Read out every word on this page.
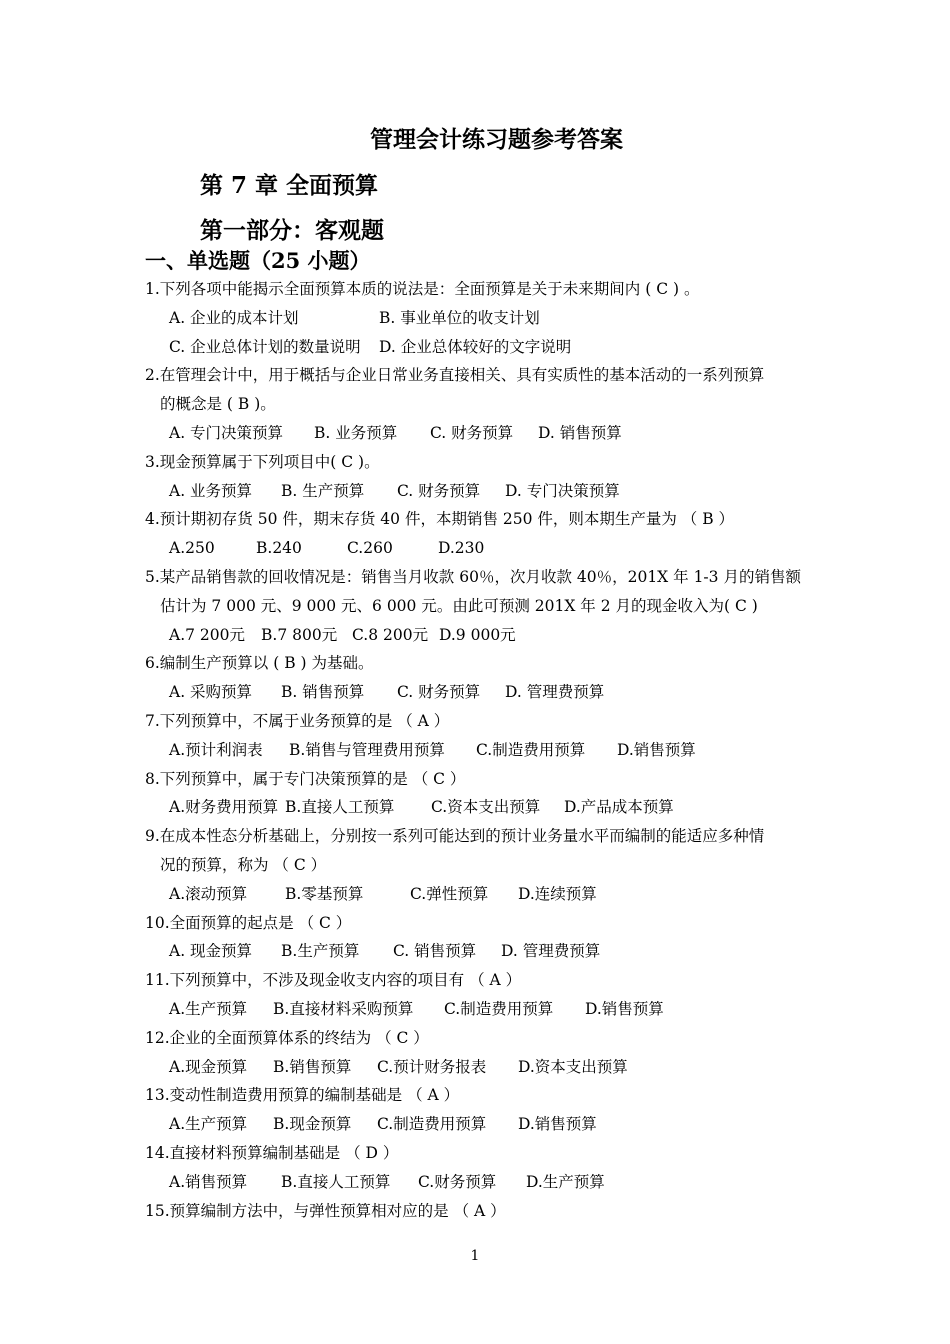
管理会计练习题参考答案
第 7 章 全面预算
第一部分：客观题
一、单选题（25 小题）
1.下列各项中能揭示全面预算本质的说法是：全面预算是关于未来期间内 ( C ) 。
A. 企业的成本计划	B. 事业单位的收支计划
C. 企业总体计划的数量说明 D. 企业总体较好的文字说明
2.在管理会计中，用于概括与企业日常业务直接相关、具有实质性的基本活动的一系列预算
的概念是 ( B )。
A. 专门决策预算 B. 业务预算 C. 财务预算 D. 销售预算
3.现金预算属于下列项目中( C )。
A. 业务预算 B. 生产预算 C. 财务预算 D. 专门决策预算
4.预计期初存货 50 件，期末存货 40 件，本期销售 250 件，则本期生产量为 （ B ）
A.250	B.240	C.260	D.230
5.某产品销售款的回收情况是：销售当月收款 60％，次月收款 40％，201X 年 1-3 月的销售额
估计为 7 000 元、9 000 元、6 000 元。由此可预测 201X 年 2 月的现金收入为( C )
A.7 200元 B.7 800元 C.8 200元 D.9 000元
6.编制生产预算以 ( B ) 为基础。
A. 采购预算 B. 销售预算 C. 财务预算 D. 管理费预算
7.下列预算中，不属于业务预算的是 （ A ）
A.预计利润表 B.销售与管理费用预算 C.制造费用预算 D.销售预算
8.下列预算中，属于专门决策预算的是 （ C ）
A.财务费用预算 B.直接人工预算 C.资本支出预算 D.产品成本预算
9.在成本性态分析基础上，分别按一系列可能达到的预计业务量水平而编制的能适应多种情
况的预算，称为 （ C ）
A.滚动预算 B.零基预算	C.弹性预算 D.连续预算
10.全面预算的起点是 （ C ）
A. 现金预算 B.生产预算 C. 销售预算 D. 管理费预算
11.下列预算中，不涉及现金收支内容的项目有 （ A ）
A.生产预算 B.直接材料采购预算 C.制造费用预算 D.销售预算
12.企业的全面预算体系的终结为 （ C ）
A.现金预算 B.销售预算 C.预计财务报表 D.资本支出预算
13.变动性制造费用预算的编制基础是 （ A ）
A.生产预算 B.现金预算 C.制造费用预算 D.销售预算
14.直接材料预算编制基础是 （ D ）
A.销售预算 B.直接人工预算 C.财务预算 D.生产预算
15.预算编制方法中，与弹性预算相对应的是 （ A ）
1
